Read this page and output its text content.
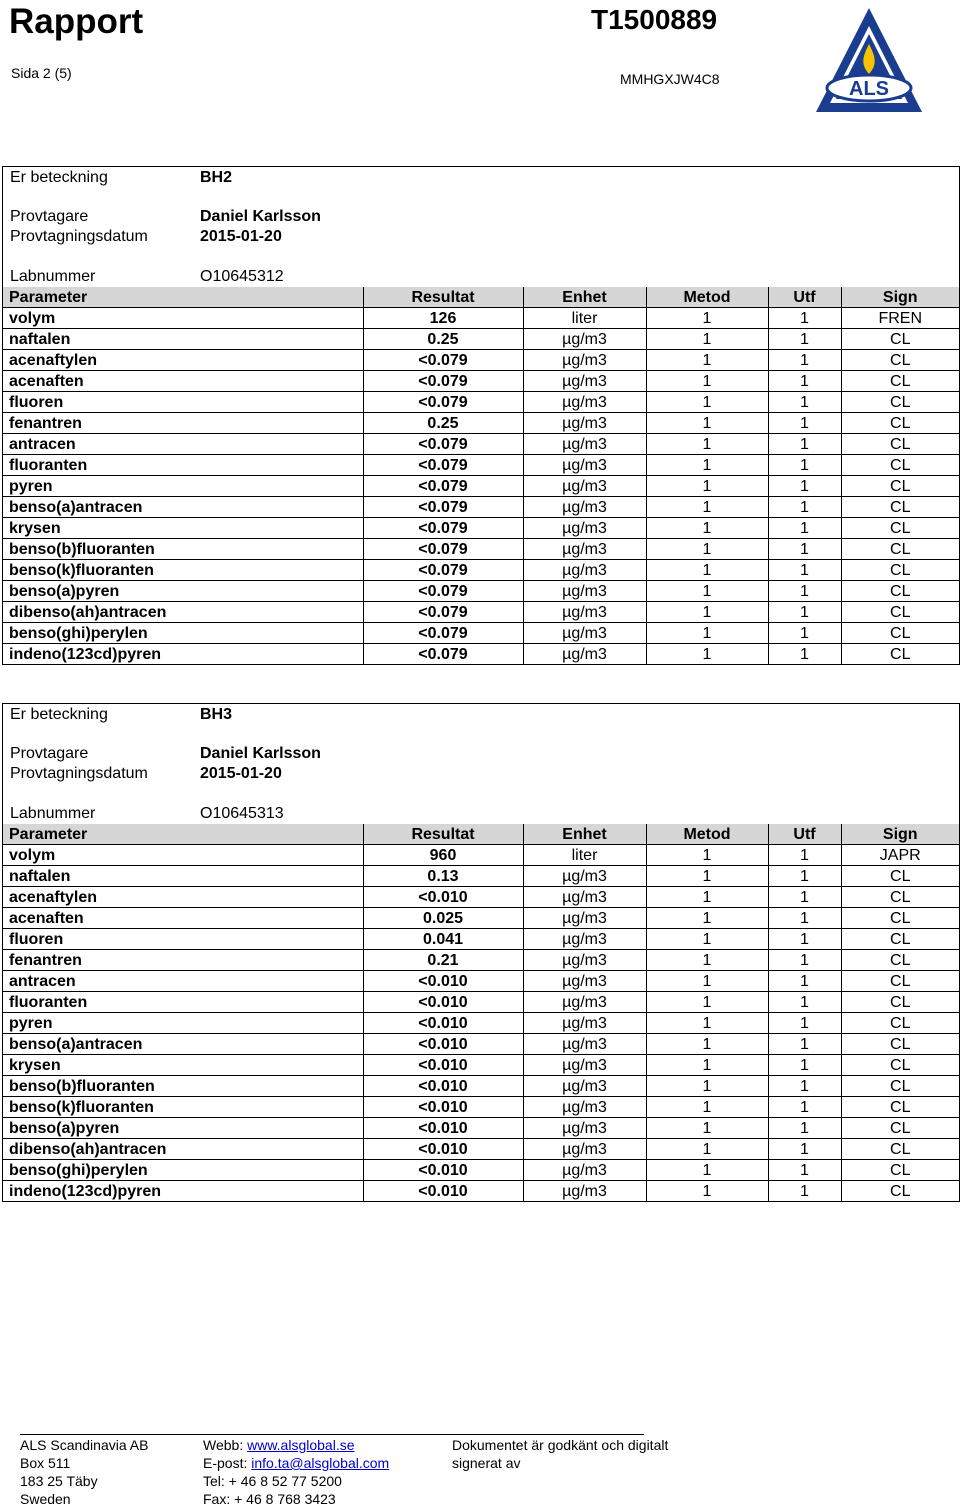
Rapport	T1500889
Sida 2 (5)	MMHGXJW4C8	ALS
Er beteckning	BH2
Provtagare	Daniel Karlsson
Provtagningsdatum	2015-01-20
Labnummer	O10645312
Parameter	Resultat	Enhet	Metod	Utf	Sign
volym	126	liter	1	1	FREN
naftalen	0.25	µg/m3	1	1	CL
acenaftylen	<0.079	µg/m3	1	1	CL
acenaften	<0.079	µg/m3	1	1	CL
fluoren	<0.079	µg/m3	1	1	CL
fenantren	0.25	µg/m3	1	1	CL
antracen	<0.079	µg/m3	1	1	CL
fluoranten	<0.079	µg/m3	1	1	CL
pyren	<0.079	µg/m3	1	1	CL
benso(a)antracen	<0.079	µg/m3	1	1	CL
krysen	<0.079	µg/m3	1	1	CL
benso(b)fluoranten	<0.079	µg/m3	1	1	CL
benso(k)fluoranten	<0.079	µg/m3	1	1	CL
benso(a)pyren	<0.079	µg/m3	1	1	CL
dibenso(ah)antracen	<0.079	µg/m3	1	1	CL
benso(ghi)perylen	<0.079	µg/m3	1	1	CL
indeno(123cd)pyren	<0.079	µg/m3	1	1	CL
Er beteckning	BH3
Provtagare	Daniel Karlsson
Provtagningsdatum	2015-01-20
Labnummer	O10645313
Parameter	Resultat	Enhet	Metod	Utf	Sign
volym	960	liter	1	1	JAPR
naftalen	0.13	µg/m3	1	1	CL
acenaftylen	<0.010	µg/m3	1	1	CL
acenaften	0.025	µg/m3	1	1	CL
fluoren	0.041	µg/m3	1	1	CL
fenantren	0.21	µg/m3	1	1	CL
antracen	<0.010	µg/m3	1	1	CL
fluoranten	<0.010	µg/m3	1	1	CL
pyren	<0.010	µg/m3	1	1	CL
benso(a)antracen	<0.010	µg/m3	1	1	CL
krysen	<0.010	µg/m3	1	1	CL
benso(b)fluoranten	<0.010	µg/m3	1	1	CL
benso(k)fluoranten	<0.010	µg/m3	1	1	CL
benso(a)pyren	<0.010	µg/m3	1	1	CL
dibenso(ah)antracen	<0.010	µg/m3	1	1	CL
benso(ghi)perylen	<0.010	µg/m3	1	1	CL
indeno(123cd)pyren	<0.010	µg/m3	1	1	CL
ALS Scandinavia AB
Box 511
183 25 Täby
Sweden
Webb: www.alsglobal.se
E-post: info.ta@alsglobal.com
Tel: + 46 8 52 77 5200
Fax: + 46 8 768 3423
Dokumentet är godkänt och digitalt
signerat av
